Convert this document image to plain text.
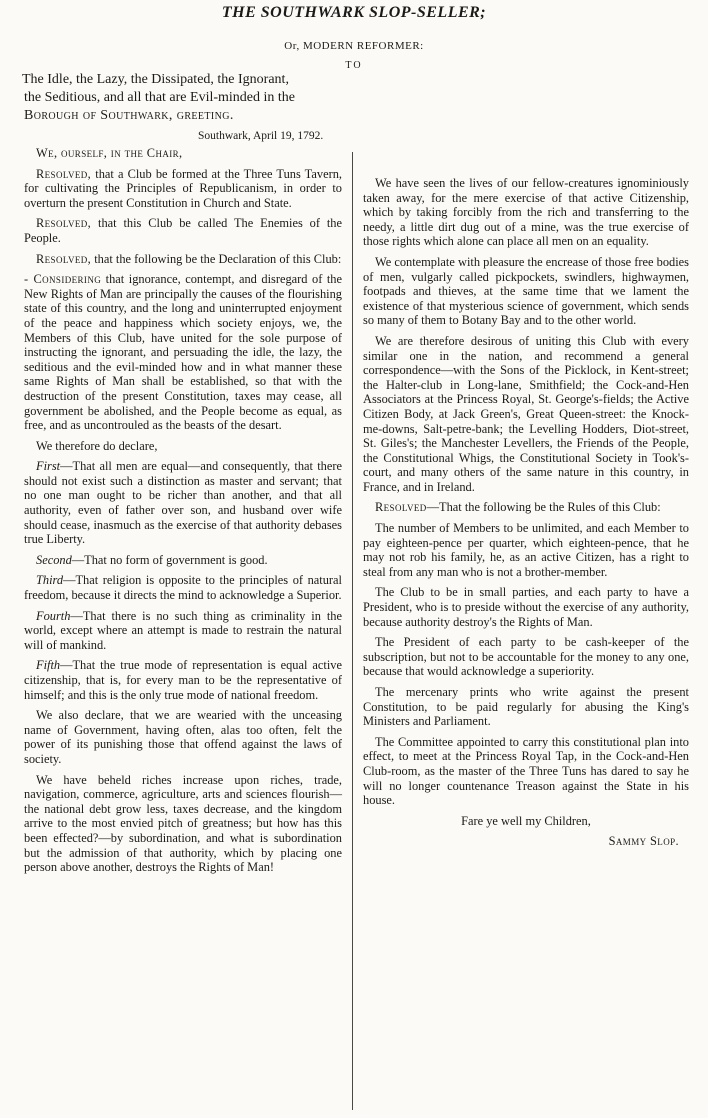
THE SOUTHWARK SLOP-SELLER;
Or, MODERN REFORMER:
TO
The Idle, the Lazy, the Dissipated, the Ignorant,
the Seditious, and all that are Evil-minded in the
Borough of Southwark, greeting.
Southwark, April 19, 1792.

We, ourself, in the Chair,

Resolved, that a Club be formed at the Three Tuns Tavern, for cultivating the Principles of Republicanism, in order to overturn the present Constitution in Church and State.

Resolved, that this Club be called The Enemies of the People.

Resolved, that the following be the Declaration of this Club:

- Considering that ignorance, contempt, and disregard of the New Rights of Man are principally the causes of the flourishing state of this country, and the long and uninterrupted enjoyment of the peace and happiness which society enjoys, we, the Members of this Club, have united for the sole purpose of instructing the ignorant, and persuading the idle, the lazy, the seditious and the evil-minded how and in what manner these same Rights of Man shall be established, so that with the destruction of the present Constitution, taxes may cease, all government be abolished, and the People become as equal, as free, and as uncontrouled as the beasts of the desart.

We therefore do declare,

First—That all men are equal—and consequently, that there should not exist such a distinction as master and servant; that no one man ought to be richer than another, and that all authority, even of father over son, and husband over wife should cease, inasmuch as the exercise of that authority debases true Liberty.

Second—That no form of government is good.

Third—That religion is opposite to the principles of natural freedom, because it directs the mind to acknowledge a Superior.

Fourth—That there is no such thing as criminality in the world, except where an attempt is made to restrain the natural will of mankind.

Fifth—That the true mode of representation is equal active citizenship, that is, for every man to be the representative of himself; and this is the only true mode of national freedom.

We also declare, that we are wearied with the unceasing name of Government, having often, alas too often, felt the power of its punishing those that offend against the laws of society.

We have beheld riches increase upon riches, trade, navigation, commerce, agriculture, arts and sciences flourish—the national debt grow less, taxes decrease, and the kingdom arrive to the most envied pitch of greatness; but how has this been effected?—by subordination, and what is subordination but the admission of that authority, which by placing one person above another, destroys the Rights of Man!

We have seen the lives of our fellow-creatures ignominiously taken away, for the mere exercise of that active Citizenship, which by taking forcibly from the rich and transferring to the needy, a little dirt dug out of a mine, was the true exercise of those rights which alone can place all men on an equality.

We contemplate with pleasure the encrease of those free bodies of men, vulgarly called pickpockets, swindlers, highwaymen, footpads and thieves, at the same time that we lament the existence of that mysterious science of government, which sends so many of them to Botany Bay and to the other world.

We are therefore desirous of uniting this Club with every similar one in the nation, and recommend a general correspondence—with the Sons of the Picklock, in Kent-street; the Halter-club in Long-lane, Smithfield; the Cock-and-Hen Associators at the Princess Royal, St. George's-fields; the Active Citizen Body, at Jack Green's, Great Queen-street: the Knock-me-downs, Salt-petre-bank; the Levelling Hodders, Diot-street, St. Giles's; the Manchester Levellers, the Friends of the People, the Constitutional Whigs, the Constitutional Society in Took's-court, and many others of the same nature in this country, in France, and in Ireland.

Resolved—That the following be the Rules of this Club:

The number of Members to be unlimited, and each Member to pay eighteen-pence per quarter, which eighteen-pence, that he may not rob his family, he, as an active Citizen, has a right to steal from any man who is not a brother-member.

The Club to be in small parties, and each party to have a President, who is to preside without the exercise of any authority, because authority destroy's the Rights of Man.

The President of each party to be cash-keeper of the subscription, but not to be accountable for the money to any one, because that would acknowledge a superiority.

The mercenary prints who write against the present Constitution, to be paid regularly for abusing the King's Ministers and Parliament.

The Committee appointed to carry this constitutional plan into effect, to meet at the Princess Royal Tap, in the Cock-and-Hen Club-room, as the master of the Three Tuns has dared to say he will no longer countenance Treason against the State in his house.

Fare ye well my Children,

Sammy Slop.
